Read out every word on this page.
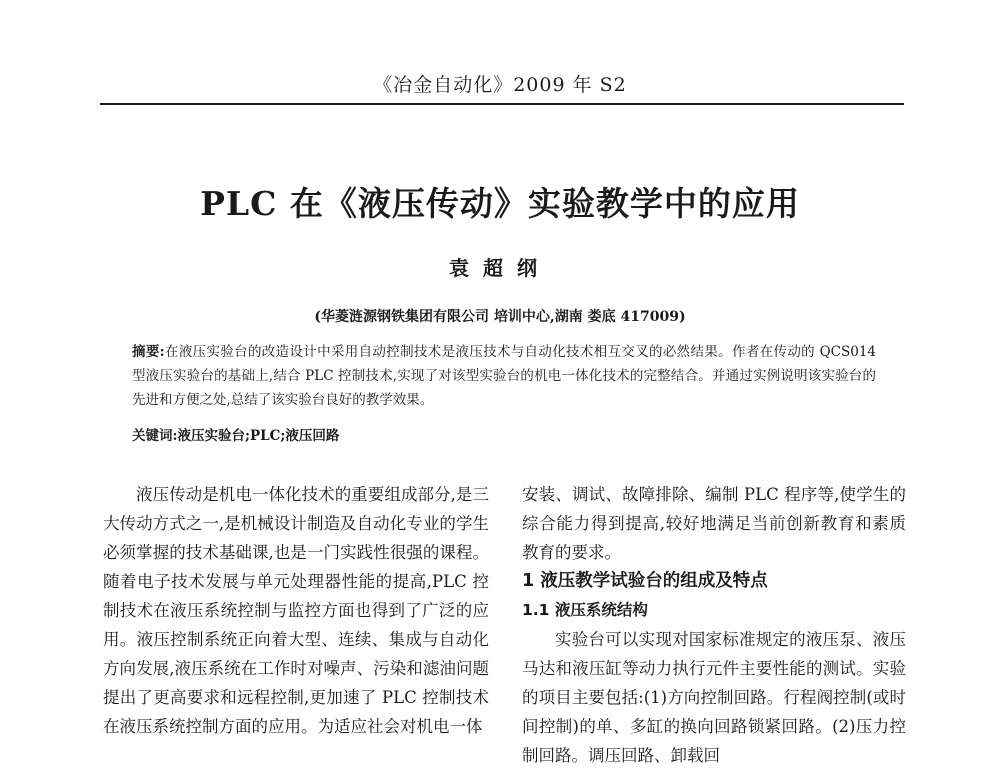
《冶金自动化》2009 年 S2
PLC 在《液压传动》实验教学中的应用
袁超纲
(华菱涟源钢铁集团有限公司 培训中心,湖南 娄底 417009)
摘要:在液压实验台的改造设计中采用自动控制技术是液压技术与自动化技术相互交叉的必然结果。作者在传动的 QCS014 型液压实验台的基础上,结合 PLC 控制技术,实现了对该型实验台的机电一体化技术的完整结合。并通过实例说明该实验台的先进和方便之处,总结了该实验台良好的教学效果。
关键词:液压实验台;PLC;液压回路

液压传动是机电一体化技术的重要组成部分,是三大传动方式之一,是机械设计制造及自动化专业的学生必须掌握的技术基础课,也是一门实践性很强的课程。随着电子技术发展与单元处理器性能的提高,PLC 控制技术在液压系统控制与监控方面也得到了广泛的应用。液压控制系统正向着大型、连续、集成与自动化方向发展,液压系统在工作时对噪声、污染和滤油问题提出了更高要求和远程控制,更加速了 PLC 控制技术在液压系统控制方面的应用。为适应社会对机电一体

安装、调试、故障排除、编制 PLC 程序等,使学生的综合能力得到提高,较好地满足当前创新教育和素质教育的要求。

1 液压教学试验台的组成及特点
1.1 液压系统结构

实验台可以实现对国家标准规定的液压泵、液压马达和液压缸等动力执行元件主要性能的测试。实验的项目主要包括:(1)方向控制回路。行程阀控制(或时间控制)的单、多缸的换向回路锁紧回路。(2)压力控制回路。调压回路、卸载回
